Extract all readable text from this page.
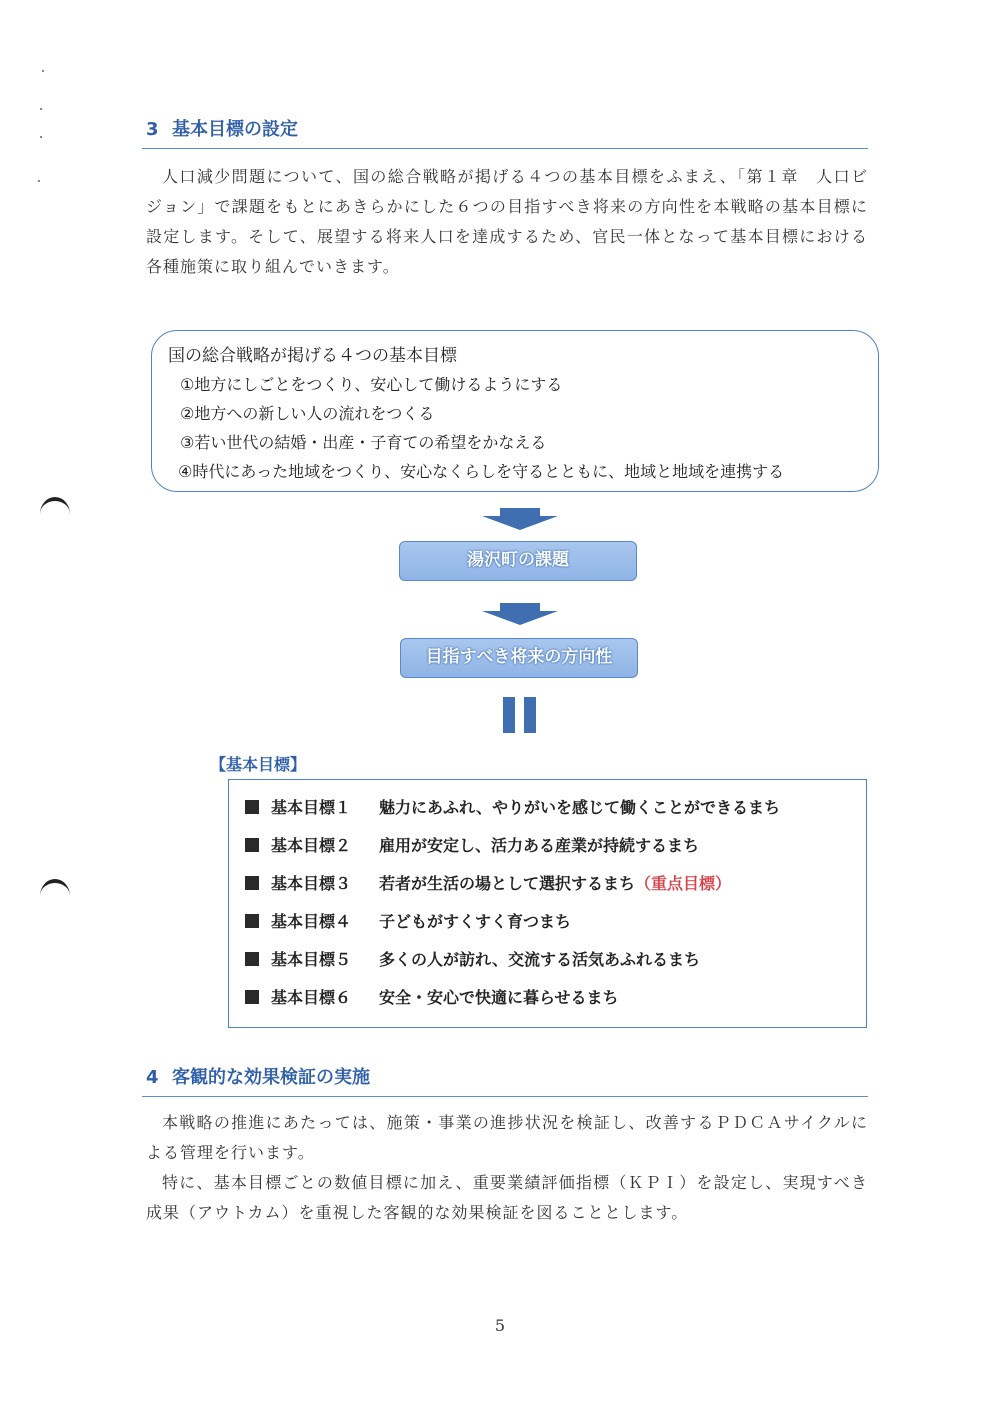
3 基本目標の設定

人口減少問題について、国の総合戦略が掲げる４つの基本目標をふまえ、「第１章　人口ビジョン」で課題をもとにあきらかにした６つの目指すべき将来の方向性を本戦略の基本目標に設定します。そして、展望する将来人口を達成するため、官民一体となって基本目標における各種施策に取り組んでいきます。

国の総合戦略が掲げる４つの基本目標
①地方にしごとをつくり、安心して働けるようにする
②地方への新しい人の流れをつくる
③若い世代の結婚・出産・子育ての希望をかなえる
④時代にあった地域をつくり、安心なくらしを守るとともに、地域と地域を連携する
湯沢町の課題
目指すべき将来の方向性
【基本目標】
基本目標１ 魅力にあふれ、やりがいを感じて働くことができるまち
基本目標２ 雇用が安定し、活力ある産業が持続するまち
基本目標３ 若者が生活の場として選択するまち（重点目標）
基本目標４ 子どもがすくすく育つまち
基本目標５ 多くの人が訪れ、交流する活気あふれるまち
基本目標６ 安全・安心で快適に暮らせるまち
4 客観的な効果検証の実施

本戦略の推進にあたっては、施策・事業の進捗状況を検証し、改善するＰＤＣＡサイクルによる管理を行います。

特に、基本目標ごとの数値目標に加え、重要業績評価指標（ＫＰＩ）を設定し、実現すべき成果（アウトカム）を重視した客観的な効果検証を図ることとします。

5
